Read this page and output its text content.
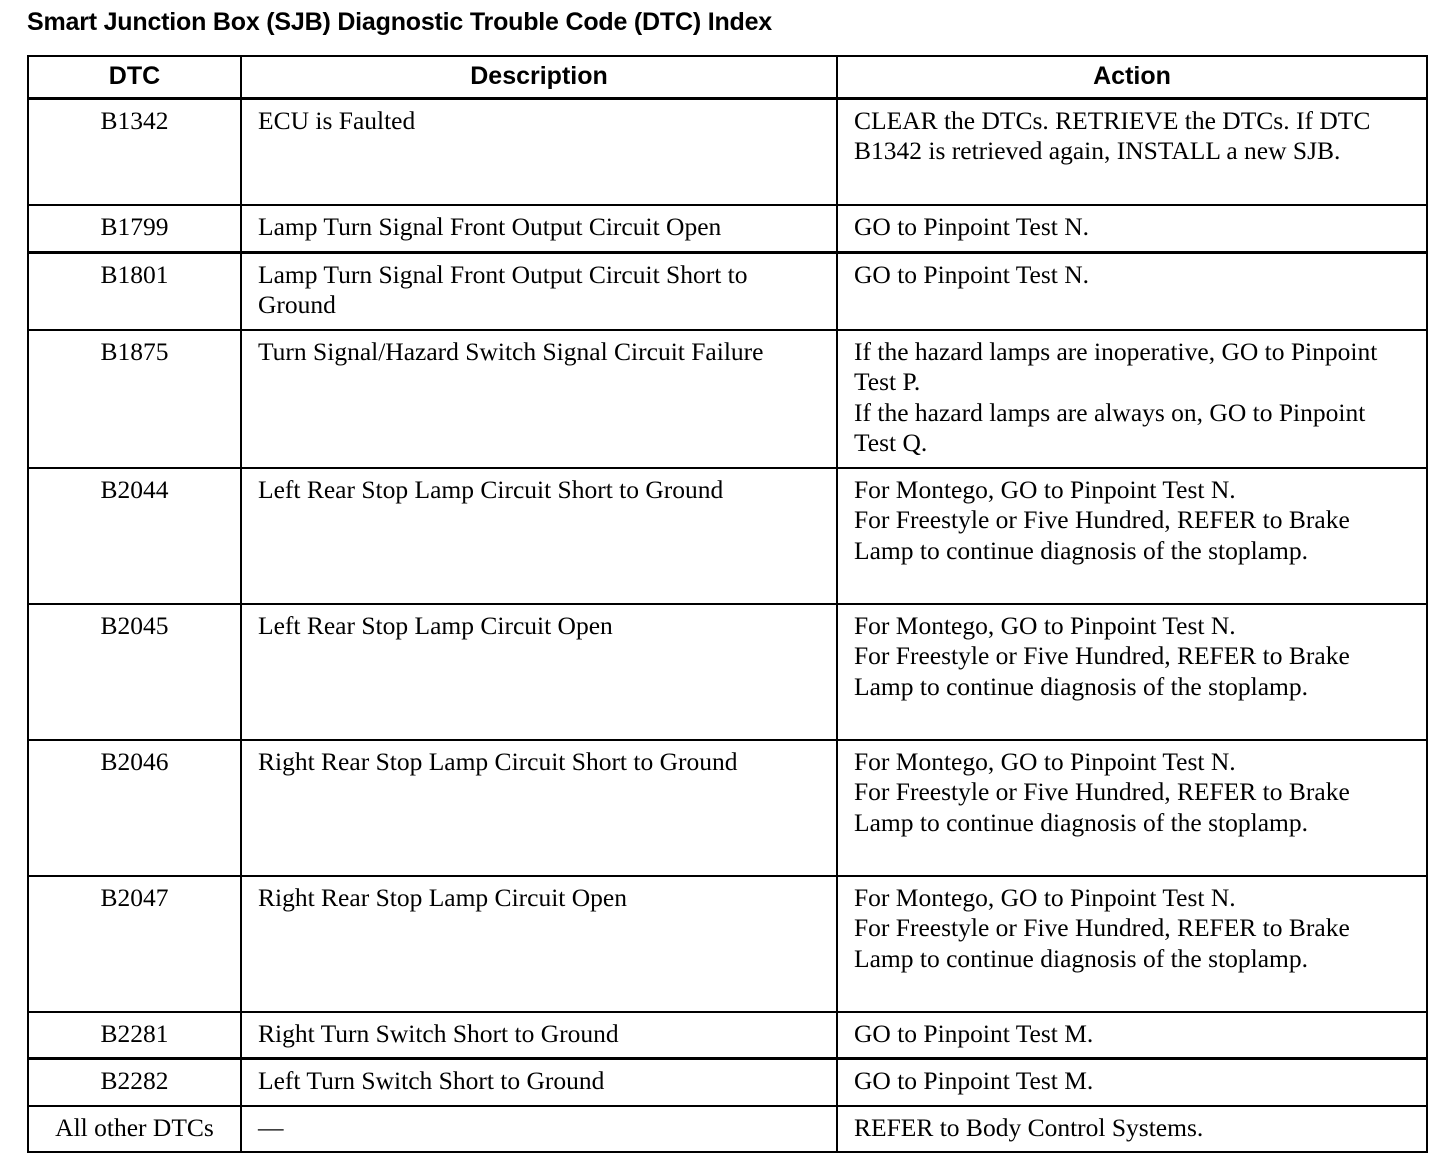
Smart Junction Box (SJB) Diagnostic Trouble Code (DTC) Index
DTC	Description	Action
B1342	ECU is Faulted	CLEAR the DTCs. RETRIEVE the DTCs. If DTC B1342 is retrieved again, INSTALL a new SJB.

B1799	Lamp Turn Signal Front Output Circuit Open	GO to Pinpoint Test N.

B1801	Lamp Turn Signal Front Output Circuit Short to Ground	GO to Pinpoint Test N.

B1875	Turn Signal/Hazard Switch Signal Circuit Failure	If the hazard lamps are inoperative, GO to Pinpoint Test P.
If the hazard lamps are always on, GO to Pinpoint Test Q.

B2044	Left Rear Stop Lamp Circuit Short to Ground	For Montego, GO to Pinpoint Test N.
For Freestyle or Five Hundred, REFER to Brake Lamp to continue diagnosis of the stoplamp.

B2045	Left Rear Stop Lamp Circuit Open	For Montego, GO to Pinpoint Test N.
For Freestyle or Five Hundred, REFER to Brake Lamp to continue diagnosis of the stoplamp.

B2046	Right Rear Stop Lamp Circuit Short to Ground	For Montego, GO to Pinpoint Test N.
For Freestyle or Five Hundred, REFER to Brake Lamp to continue diagnosis of the stoplamp.

B2047	Right Rear Stop Lamp Circuit Open	For Montego, GO to Pinpoint Test N.
For Freestyle or Five Hundred, REFER to Brake Lamp to continue diagnosis of the stoplamp.

B2281	Right Turn Switch Short to Ground	GO to Pinpoint Test M.

B2282	Left Turn Switch Short to Ground	GO to Pinpoint Test M.

All other DTCs	—	REFER to Body Control Systems.
